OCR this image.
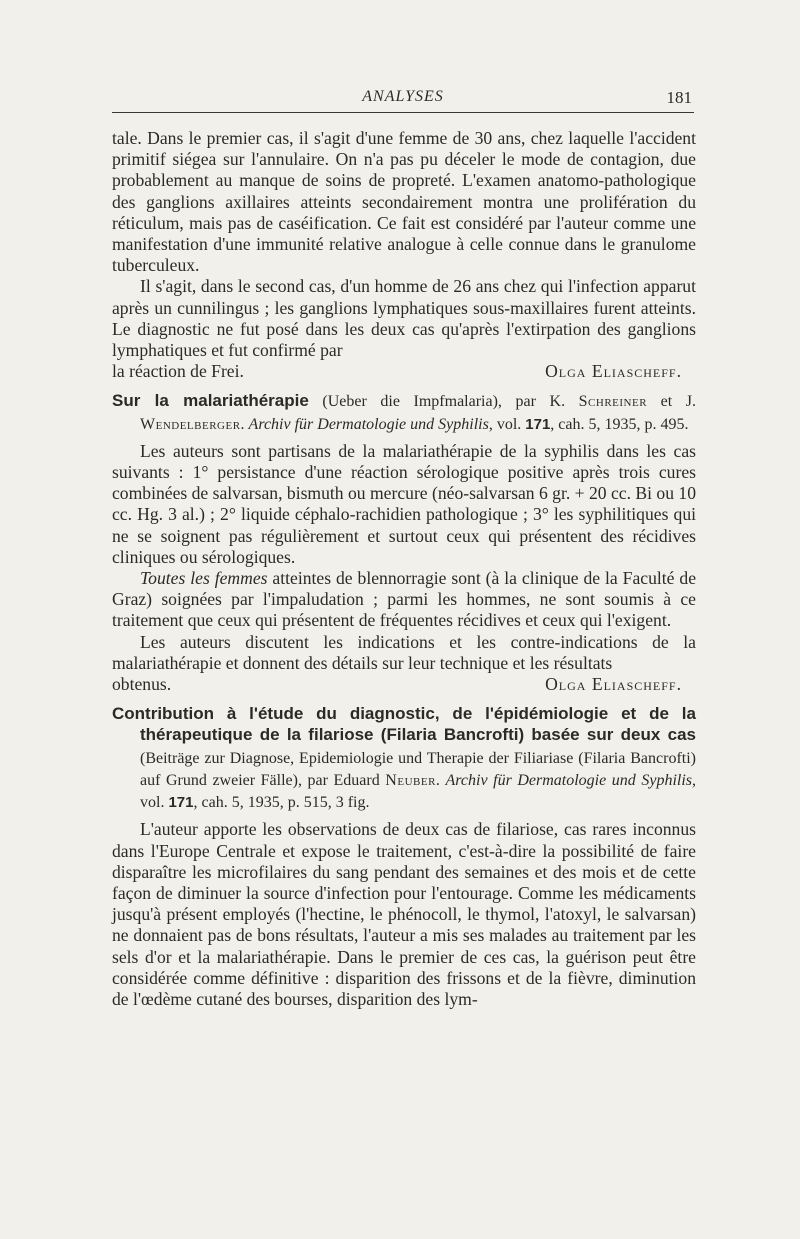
ANALYSES	181

tale. Dans le premier cas, il s'agit d'une femme de 30 ans, chez laquelle l'accident primitif siégea sur l'annulaire. On n'a pas pu déceler le mode de contagion, due probablement au manque de soins de propreté. L'examen anatomo-pathologique des ganglions axillaires atteints secondairement montra une prolifération du réticulum, mais pas de caséification. Ce fait est considéré par l'auteur comme une manifestation d'une immunité relative analogue à celle connue dans le granulome tuberculeux.

Il s'agit, dans le second cas, d'un homme de 26 ans chez qui l'infection apparut après un cunnilingus ; les ganglions lymphatiques sous-maxillaires furent atteints. Le diagnostic ne fut posé dans les deux cas qu'après l'extirpation des ganglions lymphatiques et fut confirmé par

la réaction de Frei.	Olga Eliascheff.

Sur la malariathérapie (Ueber die Impfmalaria), par K. Schreiner et J. Wendelberger. Archiv für Dermatologie und Syphilis, vol. 171, cah. 5, 1935, p. 495.

Les auteurs sont partisans de la malariathérapie de la syphilis dans les cas suivants : 1° persistance d'une réaction sérologique positive après trois cures combinées de salvarsan, bismuth ou mercure (néo-salvarsan 6 gr. + 20 cc. Bi ou 10 cc. Hg. 3 al.) ; 2° liquide céphalo-rachidien pathologique ; 3° les syphilitiques qui ne se soignent pas régulièrement et surtout ceux qui présentent des récidives cliniques ou sérologiques.

Toutes les femmes atteintes de blennorragie sont (à la clinique de la Faculté de Graz) soignées par l'impaludation ; parmi les hommes, ne sont soumis à ce traitement que ceux qui présentent de fréquentes récidives et ceux qui l'exigent.

Les auteurs discutent les indications et les contre-indications de la malariathérapie et donnent des détails sur leur technique et les résultats

obtenus.	Olga Eliascheff.

Contribution à l'étude du diagnostic, de l'épidémiologie et de la thérapeutique de la filariose (Filaria Bancrofti) basée sur deux cas (Beiträge zur Diagnose, Epidemiologie und Therapie der Filiariase (Filaria Bancrofti) auf Grund zweier Fälle), par Eduard Neuber. Archiv für Dermatologie und Syphilis, vol. 171, cah. 5, 1935, p. 515, 3 fig.

L'auteur apporte les observations de deux cas de filariose, cas rares inconnus dans l'Europe Centrale et expose le traitement, c'est-à-dire la possibilité de faire disparaître les microfilaires du sang pendant des semaines et des mois et de cette façon de diminuer la source d'infection pour l'entourage. Comme les médicaments jusqu'à présent employés (l'hectine, le phénocoll, le thymol, l'atoxyl, le salvarsan) ne donnaient pas de bons résultats, l'auteur a mis ses malades au traitement par les sels d'or et la malariathérapie. Dans le premier de ces cas, la guérison peut être considérée comme définitive : disparition des frissons et de la fièvre, diminution de l'œdème cutané des bourses, disparition des lym-
